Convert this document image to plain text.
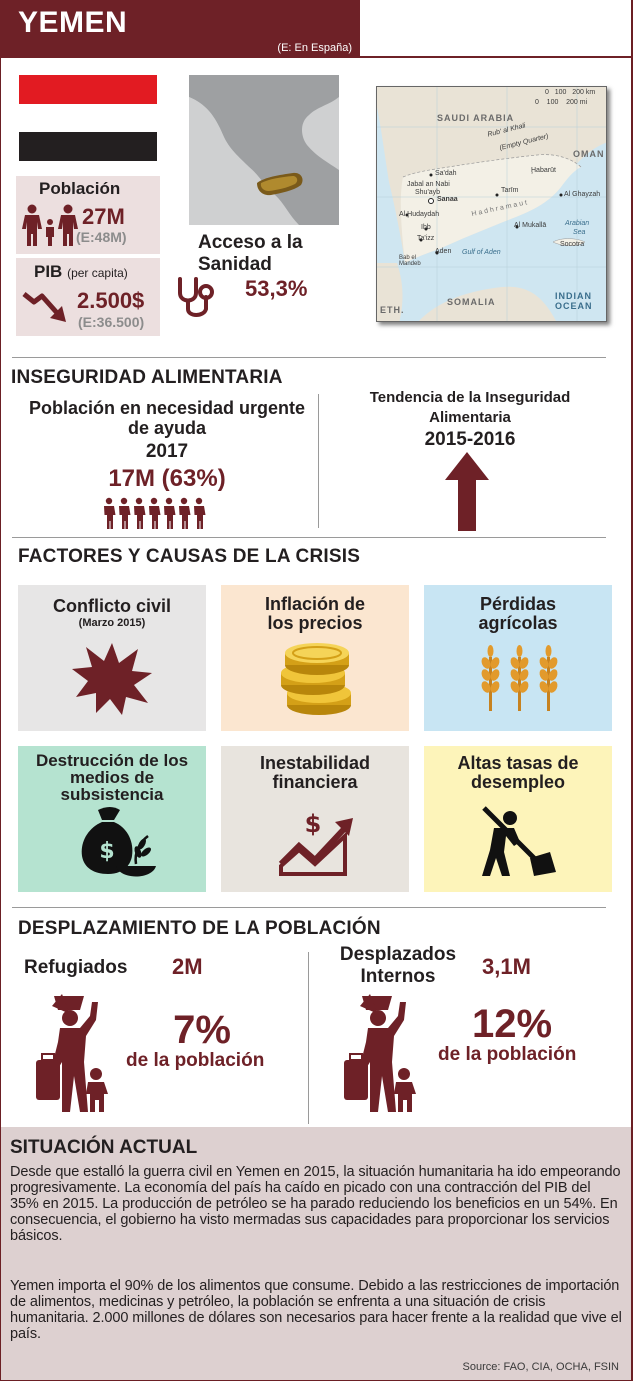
YEMEN
(E: En España)
Población
27M
(E:48M)
PIB (per capita)
2.500$
(E:36.500)
Acceso a la Sanidad
53,3%
0   100   200 km
0    100    200 mi
SAUDI ARABIA
OMAN
ETH.
SOMALIA
Rub' al Khali
(Empty Quarter)
Ḩabarūt
Sa'dah
Jabal an Nabi
Shu'ayb
Sanaa
Tarīm
Al Ghayzah
Hadhramaut
Al Ḩudaydah
Ibb
Ta'izz
Al Mukallā	Arabian
Sea
Socotra
Aden Gulf of Aden
Bab el
Mandeb
INDIAN
OCEAN
INSEGURIDAD ALIMENTARIA
Población en necesidad urgente de ayuda
2017
17M (63%)
Tendencia de la Inseguridad Alimentaria
2015-2016
FACTORES Y CAUSAS DE LA CRISIS
Conflicto civil
(Marzo 2015)
Inflación de los precios
Pérdidas agrícolas
Destrucción de los medios de subsistencia
$
Inestabilidad financiera
$
Altas tasas de desempleo
DESPLAZAMIENTO DE LA POBLACIÓN
Refugiados 2M
7%
de la población
Desplazados Internos	3,1M
12%
de la población
SITUACIÓN ACTUAL
Desde que estalló la guerra civil en Yemen en 2015, la situación humanitaria ha ido empeorando progresivamente. La economía del país ha caído en picado con una contracción del PIB del 35% en 2015. La producción de petróleo se ha parado reduciendo los beneficios en un 54%. En consecuencia, el gobierno ha visto mermadas sus capacidades para proporcionar los servicios básicos.
Yemen importa el 90% de los alimentos que consume. Debido a las restricciones de importación de alimentos, medicinas y petróleo, la población se enfrenta a una situación de crisis humanitaria. 2.000 millones de dólares son necesarios para hacer frente a la realidad que vive el país.
Source: FAO, CIA, OCHA, FSIN
